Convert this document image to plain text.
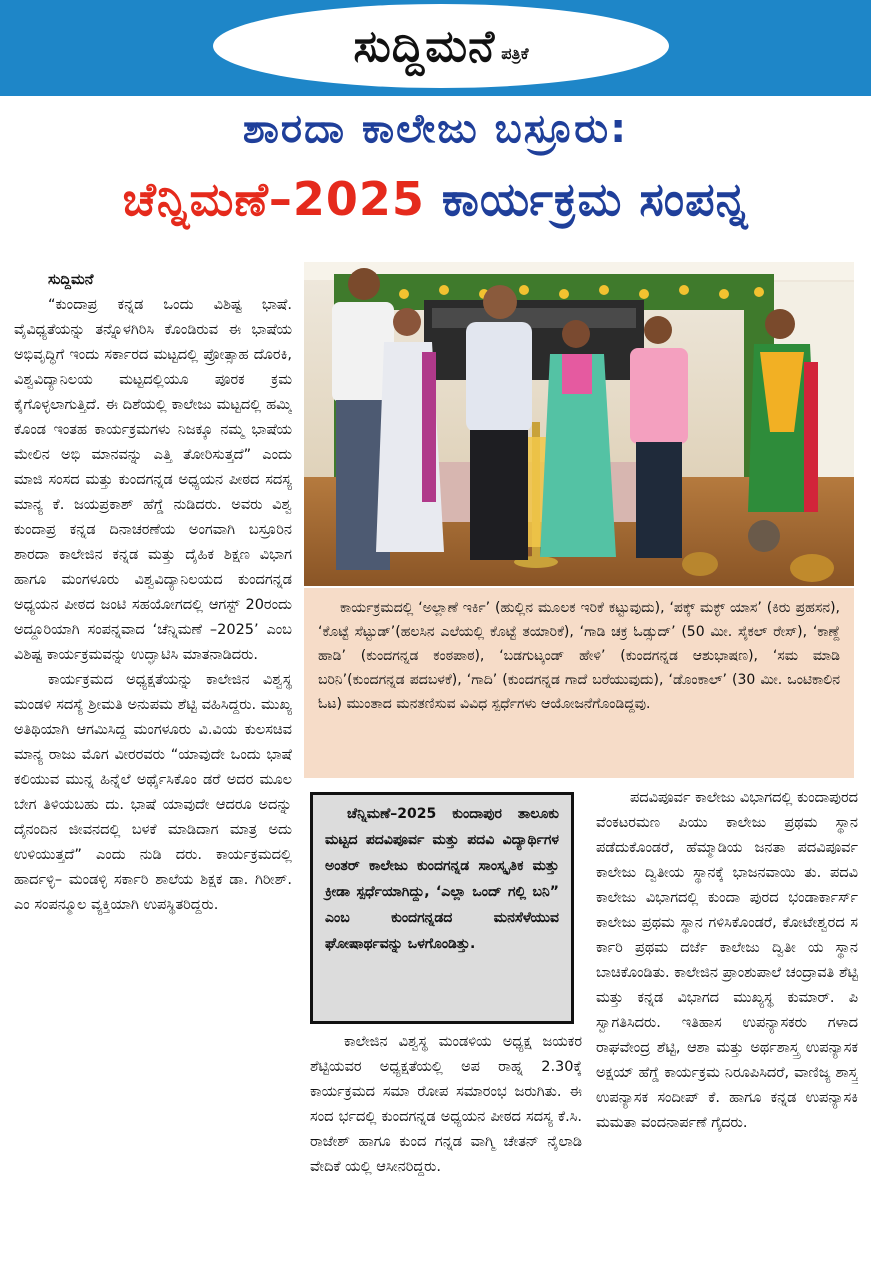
ಸುದ್ದಿಮನೆ ಪತ್ರಿಕೆ
ಶಾರದಾ ಕಾಲೇಜು ಬಸ್ರೂರು:
ಚೆನ್ನಿಮಣೆ–2025 ಕಾರ್ಯಕ್ರಮ ಸಂಪನ್ನ

ಸುದ್ದಿಮನೆ

“ಕುಂದಾಪ್ರ ಕನ್ನಡ ಒಂದು ವಿಶಿಷ್ಟ ಭಾಷೆ. ವೈವಿಧ್ಯತೆಯನ್ನು ತನ್ನೊಳಗಿರಿಸಿ ಕೊಂಡಿರುವ ಈ ಭಾಷೆಯ ಅಭಿವೃದ್ಧಿಗೆ ಇಂದು ಸರ್ಕಾರದ ಮಟ್ಟದಲ್ಲಿ ಪ್ರೋತ್ಸಾಹ ದೊರಕಿ, ವಿಶ್ವವಿದ್ಯಾನಿಲಯ ಮಟ್ಟದಲ್ಲಿಯೂ ಪೂರಕ ಕ್ರಮ ಕೈಗೊಳ್ಳಲಾಗುತ್ತಿದೆ. ಈ ದಿಶೆಯಲ್ಲಿ ಕಾಲೇಜು ಮಟ್ಟದಲ್ಲಿ ಹಮ್ಮಿ ಕೊಂಡ ಇಂತಹ ಕಾರ್ಯಕ್ರಮಗಳು ನಿಜಕ್ಕೂ ನಮ್ಮ ಭಾಷೆಯ ಮೇಲಿನ ಅಭಿ ಮಾನವನ್ನು ಎತ್ತಿ ತೋರಿಸುತ್ತದೆ” ಎಂದು ಮಾಜಿ ಸಂಸದ ಮತ್ತು ಕುಂದಗನ್ನಡ ಅಧ್ಯಯನ ಪೀಠದ ಸದಸ್ಯ ಮಾನ್ಯ ಕೆ. ಜಯಪ್ರಕಾಶ್ ಹೆಗ್ಡೆ ನುಡಿದರು. ಅವರು ವಿಶ್ವ ಕುಂದಾಪ್ರ ಕನ್ನಡ ದಿನಾಚರಣೆಯ ಅಂಗವಾಗಿ ಬಸ್ರೂರಿನ ಶಾರದಾ ಕಾಲೇಜಿನ ಕನ್ನಡ ಮತ್ತು ದೈಹಿಕ ಶಿಕ್ಷಣ ವಿಭಾಗ ಹಾಗೂ ಮಂಗಳೂರು ವಿಶ್ವವಿದ್ಯಾನಿಲಯದ ಕುಂದಗನ್ನಡ ಅಧ್ಯಯನ ಪೀಠದ ಜಂಟಿ ಸಹಯೋಗದಲ್ಲಿ ಆಗಸ್ಟ್ 20ರಂದು ಅದ್ದೂರಿಯಾಗಿ ಸಂಪನ್ನವಾದ ‘ಚೆನ್ನಿಮಣೆ –2025’ ಎಂಬ ವಿಶಿಷ್ಟ ಕಾರ್ಯಕ್ರಮವನ್ನು ಉದ್ಘಾಟಿಸಿ ಮಾತನಾಡಿದರು.

ಕಾರ್ಯಕ್ರಮದ ಅಧ್ಯಕ್ಷತೆಯನ್ನು ಕಾಲೇಜಿನ ವಿಶ್ವಸ್ಥ ಮಂಡಳಿ ಸದಸ್ಯೆ ಶ್ರೀಮತಿ ಅನುಪಮ ಶೆಟ್ಟಿ ವಹಿಸಿದ್ದರು. ಮುಖ್ಯ ಅತಿಥಿಯಾಗಿ ಆಗಮಿಸಿದ್ದ ಮಂಗಳೂರು ವಿ.ವಿಯ ಕುಲಸಚಿವ ಮಾನ್ಯ ರಾಜು ಮೊಗ ವೀರರವರು “ಯಾವುದೇ ಒಂದು ಭಾಷೆ ಕಲಿಯುವ ಮುನ್ನ ಹಿನ್ನೆಲೆ ಅರ್ಥೈಸಿಕೊಂ ಡರೆ ಅದರ ಮೂಲ ಬೇಗ ತಿಳಿಯಬಹು ದು. ಭಾಷೆ ಯಾವುದೇ ಆದರೂ ಅದನ್ನು ದೈನಂದಿನ ಜೀವನದಲ್ಲಿ ಬಳಕೆ ಮಾಡಿದಾಗ ಮಾತ್ರ ಅದು ಉಳಿಯುತ್ತದೆ” ಎಂದು ನುಡಿ ದರು. ಕಾರ್ಯಕ್ರಮದಲ್ಲಿ ಹಾರ್ದಳ್ಳಿ– ಮಂಡಳ್ಳಿ ಸರ್ಕಾರಿ ಶಾಲೆಯ ಶಿಕ್ಷಕ ಡಾ. ಗಿರೀಶ್. ಎಂ ಸಂಪನ್ಮೂಲ ವ್ಯಕ್ತಿಯಾಗಿ ಉಪಸ್ಥಿತರಿದ್ದರು.

ಕಾರ್ಯಕ್ರಮದಲ್ಲಿ ‘ಅಲ್ಲಾಣೆ ಇರ್ಕಿ’ (ಹುಲ್ಲಿನ ಮೂಲಕ ಇರಿಕೆ ಕಟ್ಟುವುದು), ‘ಪಕ್ಕ್ ಮಕ್ಳ್ ಯಾಸ’ (ಕಿರು ಪ್ರಹಸನ), ‘ಕೊಟ್ಟೆ ಸೆಟ್ಟುಡ್’(ಹಲಸಿನ ಎಲೆಯಲ್ಲಿ ಕೊಟ್ಟೆ ತಯಾರಿಕೆ), ‘ಗಾಡಿ ಚಕ್ರ ಓಡ್ಸುದ್’ (50 ಮೀ. ಸೈಕಲ್ ರೇಸ್), ‘ಕಾಣ್ದೆ ಹಾಡಿ’ (ಕುಂದಗನ್ನಡ ಕಂಠಪಾಠ), ‘ಬಡಗುಟ್ಕಂಡ್ ಹೇಳಿ’ (ಕುಂದಗನ್ನಡ ಆಶುಭಾಷಣ), ‘ಸಮ ಮಾಡಿ ಬರಿನಿ’(ಕುಂದಗನ್ನಡ ಪದಬಳಕೆ), ‘ಗಾದಿ’ (ಕುಂದಗನ್ನಡ ಗಾದೆ ಬರೆಯುವುದು), ‘ಡೊಂಕಾಲ್’ (30 ಮೀ. ಒಂಟಿಕಾಲಿನ ಓಟ) ಮುಂತಾದ ಮನತಣಿಸುವ ವಿವಿಧ ಸ್ಪರ್ಧೆಗಳು ಆಯೋಜನೆಗೊಂಡಿದ್ದವು.

ಚೆನ್ನಿಮಣೆ–2025 ಕುಂದಾಪುರ ತಾಲೂಕು ಮಟ್ಟದ ಪದವಿಪೂರ್ವ ಮತ್ತು ಪದವಿ ವಿದ್ಯಾರ್ಥಿಗಳ ಅಂತರ್ ಕಾಲೇಜು ಕುಂದಗನ್ನಡ ಸಾಂಸ್ಕೃತಿಕ ಮತ್ತು ಕ್ರೀಡಾ ಸ್ಪರ್ಧೆಯಾಗಿದ್ದು, ‘ಎಲ್ಲಾ ಒಂದ್ ಗಲ್ಲಿ ಬನಿ” ಎಂಬ ಕುಂದಗನ್ನಡದ ಮನಸೆಳೆಯುವ ಘೋಷಾರ್ಥವನ್ನು ಒಳಗೊಂಡಿತ್ತು.

ಕಾಲೇಜಿನ ವಿಶ್ವಸ್ಥ ಮಂಡಳಿಯ ಅಧ್ಯಕ್ಷ ಜಯಕರ ಶೆಟ್ಟಿಯವರ ಅಧ್ಯಕ್ಷತೆಯಲ್ಲಿ ಅಪ ರಾಹ್ನ 2.30ಕ್ಕೆ ಕಾರ್ಯಕ್ರಮದ ಸಮಾ ರೋಪ ಸಮಾರಂಭ ಜರುಗಿತು. ಈ ಸಂದ ರ್ಭದಲ್ಲಿ ಕುಂದಗನ್ನಡ ಅಧ್ಯಯನ ಪೀಠದ ಸದಸ್ಯ ಕೆ.ಸಿ. ರಾಜೇಶ್ ಹಾಗೂ ಕುಂದ ಗನ್ನಡ ವಾಗ್ಮಿ ಚೇತನ್ ನೈಲಾಡಿ ವೇದಿಕೆ ಯಲ್ಲಿ ಆಸೀನರಿದ್ದರು.

ಪದವಿಪೂರ್ವ ಕಾಲೇಜು ವಿಭಾಗದಲ್ಲಿ ಕುಂದಾಪುರದ ವೆಂಕಟರಮಣ ಪಿಯು ಕಾಲೇಜು ಪ್ರಥಮ ಸ್ಥಾನ ಪಡೆದುಕೊಂಡರೆ, ಹೆಮ್ಮಾಡಿಯ ಜನತಾ ಪದವಿಪೂರ್ವ ಕಾಲೇಜು ದ್ವಿತೀಯ ಸ್ಥಾನಕ್ಕೆ ಭಾಜನವಾಯಿ ತು. ಪದವಿ ಕಾಲೇಜು ವಿಭಾಗದಲ್ಲಿ ಕುಂದಾ ಪುರದ ಭಂಡಾರ್ಕಾರ್ಸ್ ಕಾಲೇಜು ಪ್ರಥಮ ಸ್ಥಾನ ಗಳಿಸಿಕೊಂಡರೆ, ಕೋಟೇಶ್ವರದ ಸ ರ್ಕಾರಿ ಪ್ರಥಮ ದರ್ಜೆ ಕಾಲೇಜು ದ್ವಿತೀ ಯ ಸ್ಥಾನ ಬಾಚಿಕೊಂಡಿತು. ಕಾಲೇಜಿನ ಪ್ರಾಂಶುಪಾಲೆ ಚಂದ್ರಾವತಿ ಶೆಟ್ಟಿ ಮತ್ತು ಕನ್ನಡ ವಿಭಾಗದ ಮುಖ್ಯಸ್ಥ ಕುಮಾರ್. ಪಿ ಸ್ವಾಗತಿಸಿದರು. ಇತಿಹಾಸ ಉಪನ್ಯಾಸಕರು ಗಳಾದ ರಾಘವೇಂದ್ರ ಶೆಟ್ಟಿ, ಆಶಾ ಮತ್ತು ಅರ್ಥಶಾಸ್ತ್ರ ಉಪನ್ಯಾಸಕ ಅಕ್ಷಯ್ ಹೆಗ್ಡೆ ಕಾರ್ಯಕ್ರಮ ನಿರೂಪಿಸಿದರೆ, ವಾಣಿಜ್ಯ ಶಾಸ್ತ್ರ ಉಪನ್ಯಾಸಕ ಸಂದೀಪ್ ಕೆ. ಹಾಗೂ ಕನ್ನಡ ಉಪನ್ಯಾಸಕಿ ಮಮತಾ ವಂದನಾರ್ಪಣೆ ಗೈದರು.
